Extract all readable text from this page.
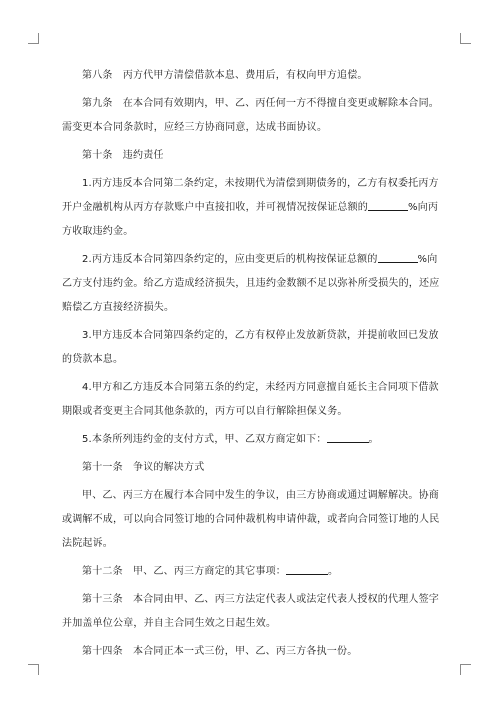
第八条　丙方代甲方清偿借款本息、费用后，有权向甲方追偿。

第九条　在本合同有效期内，甲、乙、丙任何一方不得擅自变更或解除本合同。
需变更本合同条款时，应经三方协商同意，达成书面协议。

第十条　违约责任

1.丙方违反本合同第二条约定，未按期代为清偿到期债务的，乙方有权委托丙方
开户金融机构从丙方存款账户中直接扣收，并可视情况按保证总额的	%向丙
方收取违约金。

2.丙方违反本合同第四条约定的，应由变更后的机构按保证总额的	%向
乙方支付违约金。给乙方造成经济损失，且违约金数额不足以弥补所受损失的，还应
赔偿乙方直接经济损失。

3.甲方违反本合同第四条约定的，乙方有权停止发放新贷款，并提前收回已发放
的贷款本息。

4.甲方和乙方违反本合同第五条的约定，未经丙方同意擅自延长主合同项下借款
期限或者变更主合同其他条款的，丙方可以自行解除担保义务。

5.本条所列违约金的支付方式，甲、乙双方商定如下：	。

第十一条　争议的解决方式

甲、乙、丙三方在履行本合同中发生的争议，由三方协商或通过调解解决。协商
或调解不成，可以向合同签订地的合同仲裁机构申请仲裁，或者向合同签订地的人民
法院起诉。

第十二条　甲、乙、丙三方商定的其它事项：	。

第十三条　本合同由甲、乙、丙三方法定代表人或法定代表人授权的代理人签字
并加盖单位公章，并自主合同生效之日起生效。

第十四条　本合同正本一式三份，甲、乙、丙三方各执一份。
